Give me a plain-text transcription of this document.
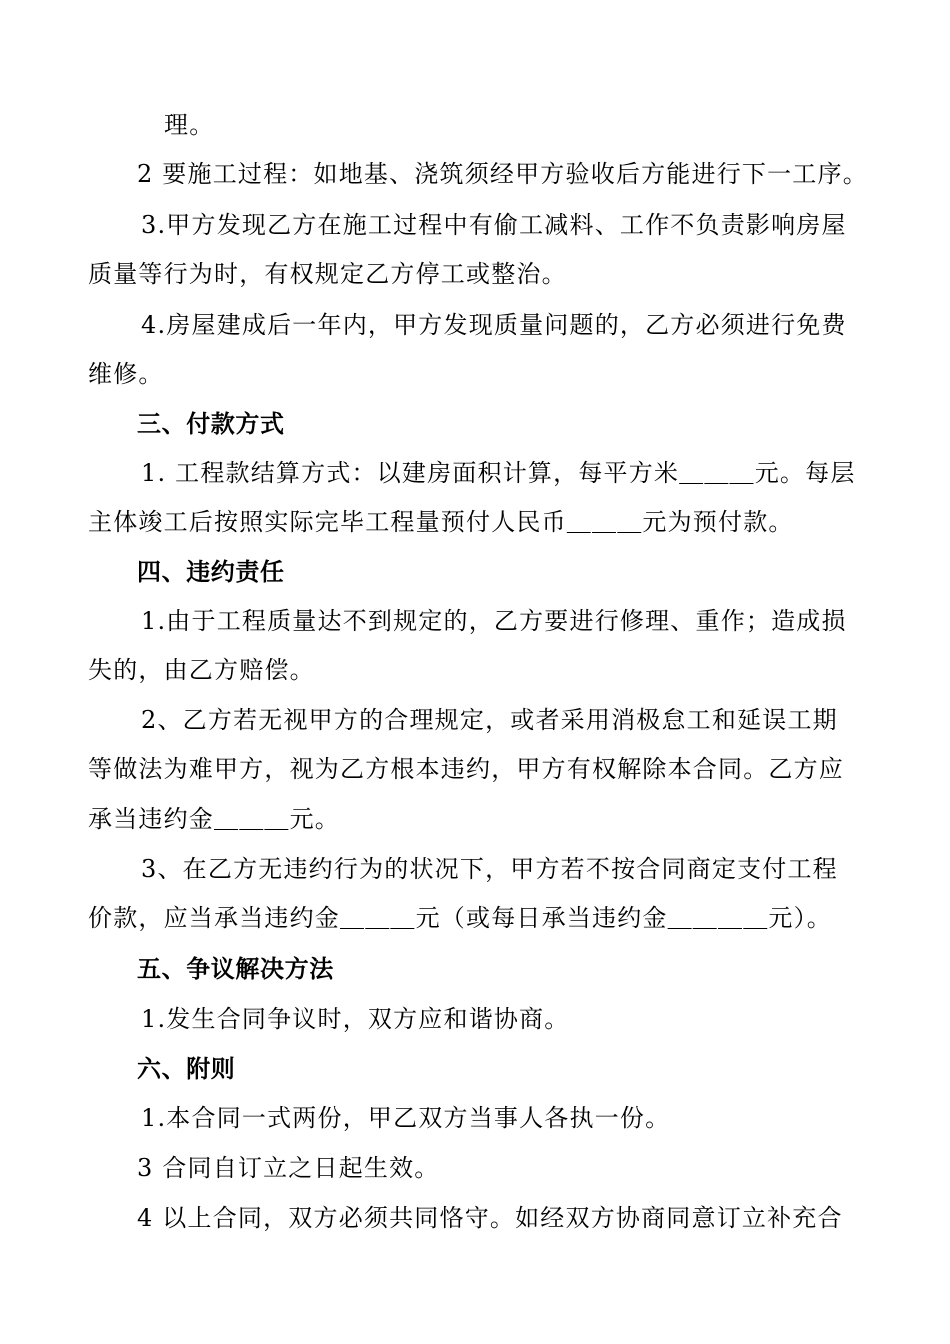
理。
2 要施工过程：如地基、浇筑须经甲方验收后方能进行下一工序。
3.甲方发现乙方在施工过程中有偷工减料、工作不负责影响房屋
质量等行为时，有权规定乙方停工或整治。
4.房屋建成后一年内，甲方发现质量问题的，乙方必须进行免费
维修。
三、付款方式
1. 工程款结算方式：以建房面积计算，每平方米＿＿＿元。每层
主体竣工后按照实际完毕工程量预付人民币＿＿＿元为预付款。
四、违约责任
1.由于工程质量达不到规定的，乙方要进行修理、重作；造成损
失的，由乙方赔偿。
2、乙方若无视甲方的合理规定，或者采用消极怠工和延误工期
等做法为难甲方，视为乙方根本违约，甲方有权解除本合同。乙方应
承当违约金＿＿＿元。
3、在乙方无违约行为的状况下，甲方若不按合同商定支付工程
价款，应当承当违约金＿＿＿元（或每日承当违约金＿＿＿＿元）。
五、争议解决方法
1.发生合同争议时，双方应和谐协商。
六、附则
1.本合同一式两份，甲乙双方当事人各执一份。
3 合同自订立之日起生效。
4 以上合同，双方必须共同恪守。如经双方协商同意订立补充合
